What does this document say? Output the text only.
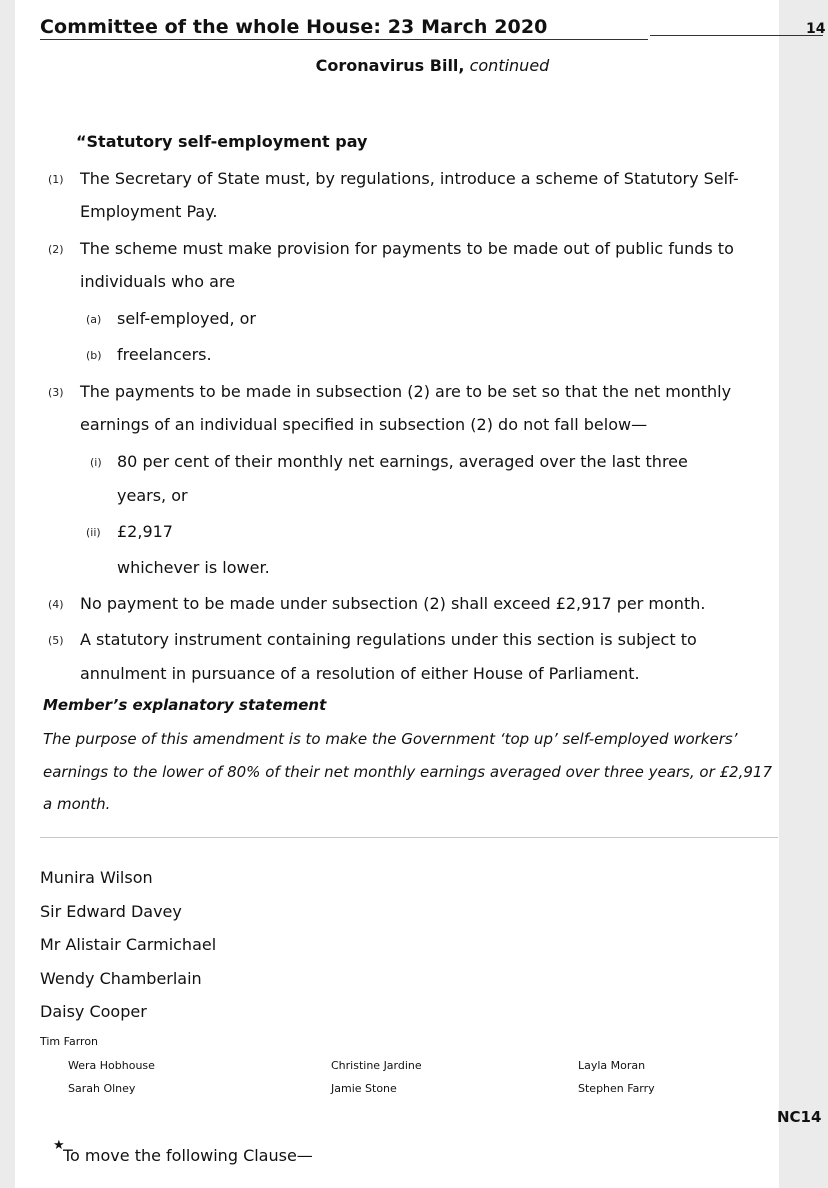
Committee of the whole House: 23 March 2020	14
Coronavirus Bill, continued
“Statutory self-employment pay
(1) The Secretary of State must, by regulations, introduce a scheme of Statutory Self-
Employment Pay.
(2) The scheme must make provision for payments to be made out of public funds to
individuals who are
(a) self-employed, or
(b) freelancers.
(3) The payments to be made in subsection (2) are to be set so that the net monthly
earnings of an individual specified in subsection (2) do not fall below—
(i) 80 per cent of their monthly net earnings, averaged over the last three
years, or
(ii) £2,917
whichever is lower.
(4) No payment to be made under subsection (2) shall exceed £2,917 per month.
(5) A statutory instrument containing regulations under this section is subject to
annulment in pursuance of a resolution of either House of Parliament.
Member’s explanatory statement
The purpose of this amendment is to make the Government ‘top up’ self-employed workers’
earnings to the lower of 80% of their net monthly earnings averaged over three years, or £2,917
a month.
Munira Wilson
Sir Edward Davey
Mr Alistair Carmichael
Wendy Chamberlain
Daisy Cooper
Tim Farron
Wera Hobhouse	Christine Jardine	Layla Moran
Sarah Olney	Jamie Stone	Stephen Farry
NC14
★
To move the following Clause—
